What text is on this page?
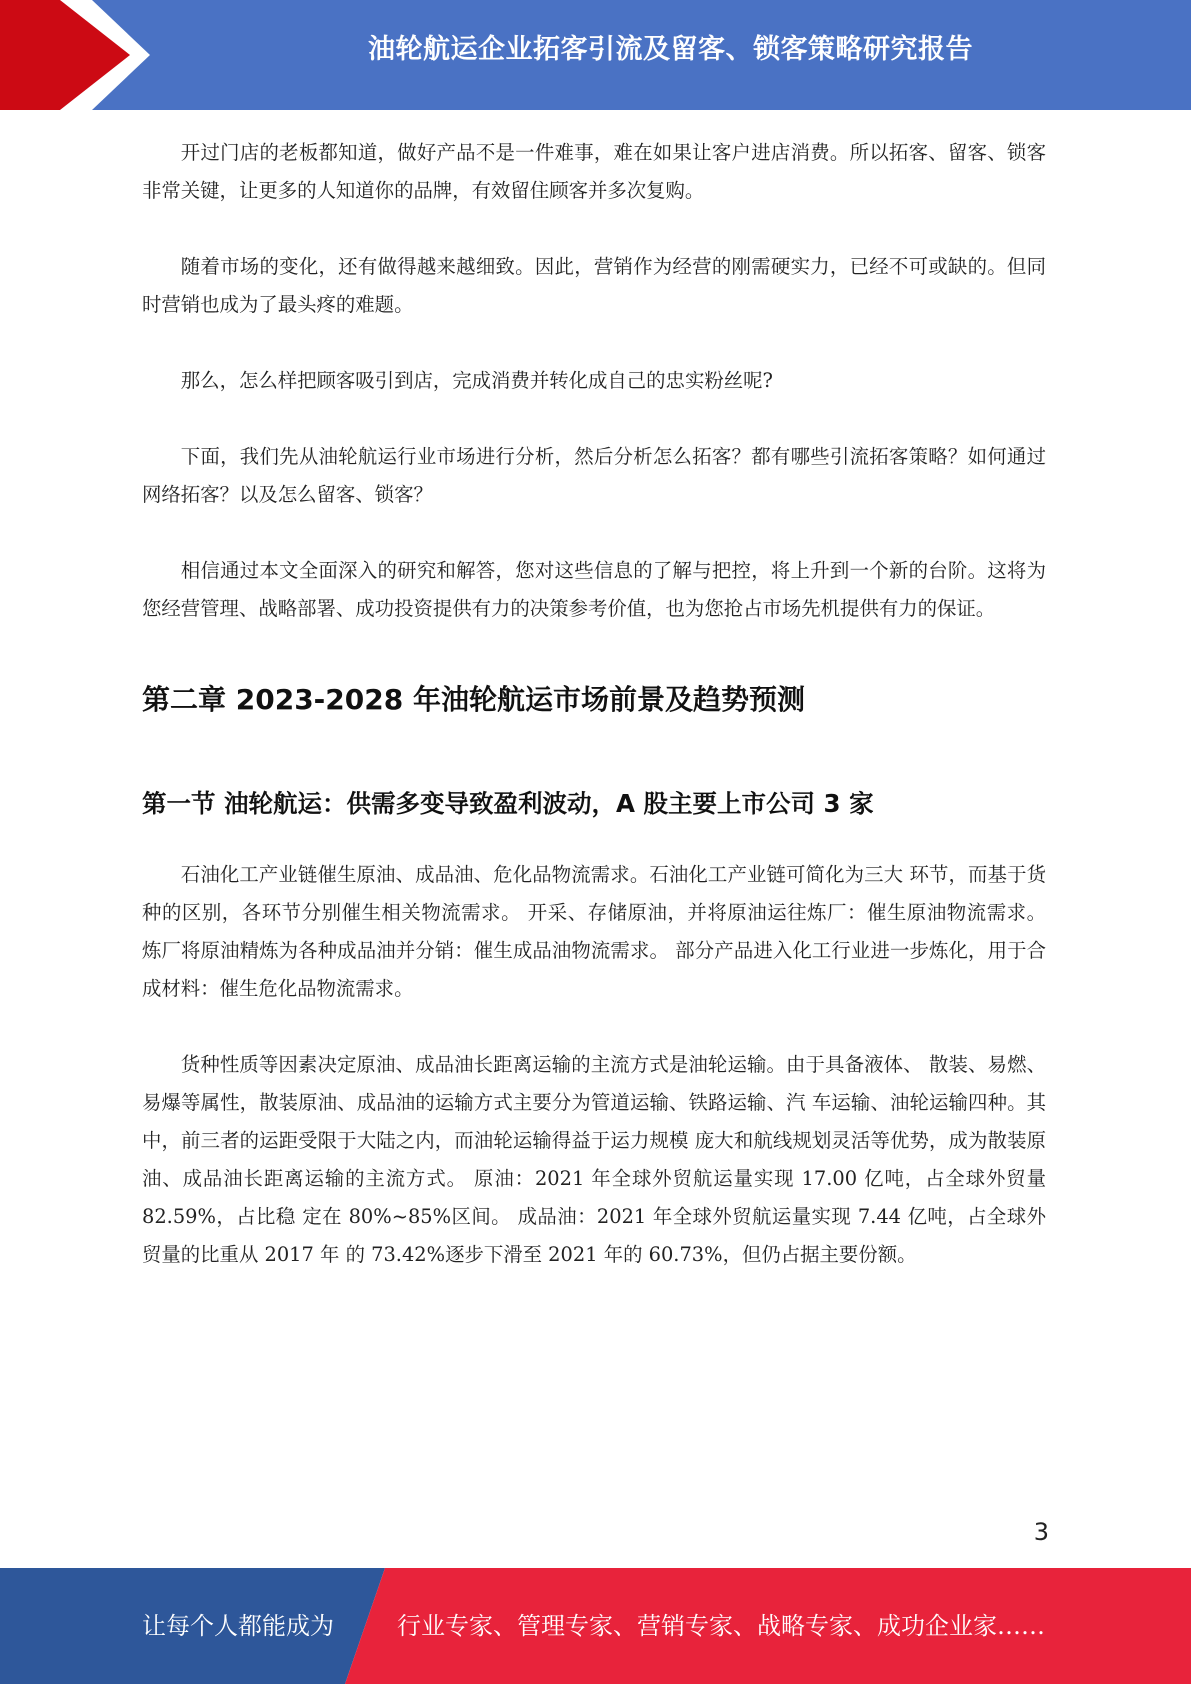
油轮航运企业拓客引流及留客、锁客策略研究报告

开过门店的老板都知道，做好产品不是一件难事，难在如果让客户进店消费。所以拓客、留客、锁客非常关键，让更多的人知道你的品牌，有效留住顾客并多次复购。

随着市场的变化，还有做得越来越细致。因此，营销作为经营的刚需硬实力，已经不可或缺的。但同时营销也成为了最头疼的难题。

那么，怎么样把顾客吸引到店，完成消费并转化成自己的忠实粉丝呢?

下面，我们先从油轮航运行业市场进行分析，然后分析怎么拓客？都有哪些引流拓客策略？如何通过网络拓客？以及怎么留客、锁客？

相信通过本文全面深入的研究和解答，您对这些信息的了解与把控，将上升到一个新的台阶。这将为您经营管理、战略部署、成功投资提供有力的决策参考价值，也为您抢占市场先机提供有力的保证。

第二章 2023-2028 年油轮航运市场前景及趋势预测
第一节 油轮航运：供需多变导致盈利波动，A 股主要上市公司 3 家

石油化工产业链催生原油、成品油、危化品物流需求。石油化工产业链可简化为三大 环节，而基于货种的区别，各环节分别催生相关物流需求。 开采、存储原油，并将原油运往炼厂：催生原油物流需求。 炼厂将原油精炼为各种成品油并分销：催生成品油物流需求。 部分产品进入化工行业进一步炼化，用于合成材料：催生危化品物流需求。

货种性质等因素决定原油、成品油长距离运输的主流方式是油轮运输。由于具备液体、 散装、易燃、易爆等属性，散装原油、成品油的运输方式主要分为管道运输、铁路运输、汽 车运输、油轮运输四种。其中，前三者的运距受限于大陆之内，而油轮运输得益于运力规模 庞大和航线规划灵活等优势，成为散装原油、成品油长距离运输的主流方式。 原油：2021 年全球外贸航运量实现 17.00 亿吨，占全球外贸量 82.59%，占比稳 定在 80%~85%区间。 成品油：2021 年全球外贸航运量实现 7.44 亿吨，占全球外贸量的比重从 2017 年 的 73.42%逐步下滑至 2021 年的 60.73%，但仍占据主要份额。

3
让每个人都能成为	行业专家、管理专家、营销专家、战略专家、成功企业家……
